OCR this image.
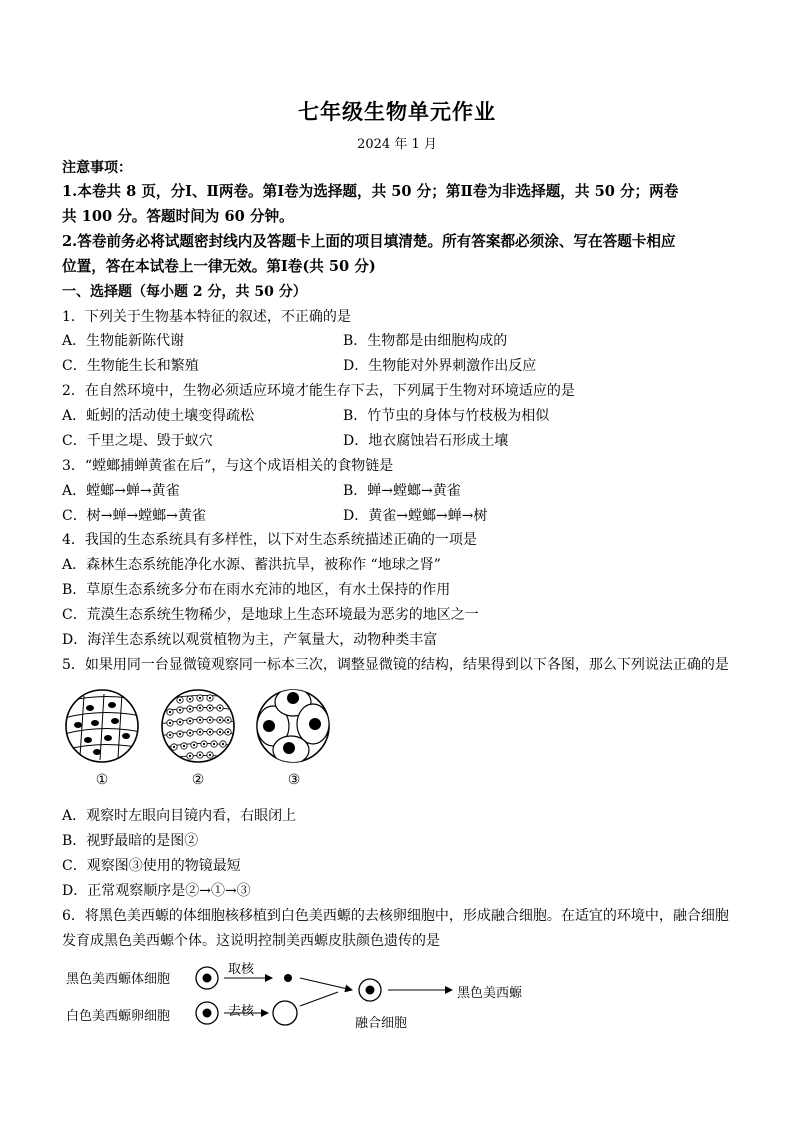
七年级生物单元作业
2024 年 1 月
注意事项：
1.本卷共 8 页，分Ⅰ、Ⅱ两卷。第Ⅰ卷为选择题，共 50 分；第Ⅱ卷为非选择题，共 50 分；两卷
共 100 分。答题时间为 60 分钟。
2.答卷前务必将试题密封线内及答题卡上面的项目填清楚。所有答案都必须涂、写在答题卡相应
位置，答在本试卷上一律无效。第Ⅰ卷(共 50 分)
一、选择题（每小题 2 分，共 50 分）
1．下列关于生物基本特征的叙述，不正确的是
A．生物能新陈代谢	B．生物都是由细胞构成的
C．生物能生长和繁殖	D．生物能对外界刺激作出反应
2．在自然环境中，生物必须适应环境才能生存下去，下列属于生物对环境适应的是
A．蚯蚓的活动使土壤变得疏松	B．竹节虫的身体与竹枝极为相似
C．千里之堤、毁于蚁穴	D．地衣腐蚀岩石形成土壤
3．“螳螂捕蝉黄雀在后”，与这个成语相关的食物链是
A．螳螂→蝉→黄雀	B．蝉→螳螂→黄雀
C．树→蝉→螳螂→黄雀	D．黄雀→螳螂→蝉→树
4．我国的生态系统具有多样性，以下对生态系统描述正确的一项是
A．森林生态系统能净化水源、蓄洪抗旱，被称作 “地球之肾”
B．草原生态系统多分布在雨水充沛的地区，有水土保持的作用
C．荒漠生态系统生物稀少，是地球上生态环境最为恶劣的地区之一
D．海洋生态系统以观赏植物为主，产氧量大，动物种类丰富
5．如果用同一台显微镜观察同一标本三次，调整显微镜的结构，结果得到以下各图，那么下列说法正确的是
①	②	③
A．观察时左眼向目镜内看，右眼闭上
B．视野最暗的是图②
C．观察图③使用的物镜最短
D．正常观察顺序是②→①→③
6．将黑色美西螈的体细胞核移植到白色美西螈的去核卵细胞中，形成融合细胞。在适宜的环境中，融合细胞
发育成黑色美西螈个体。这说明控制美西螈皮肤颜色遗传的是
黑色美西螈体细胞
白色美西螈卵细胞
取核
去核
融合细胞
黑色美西螈
